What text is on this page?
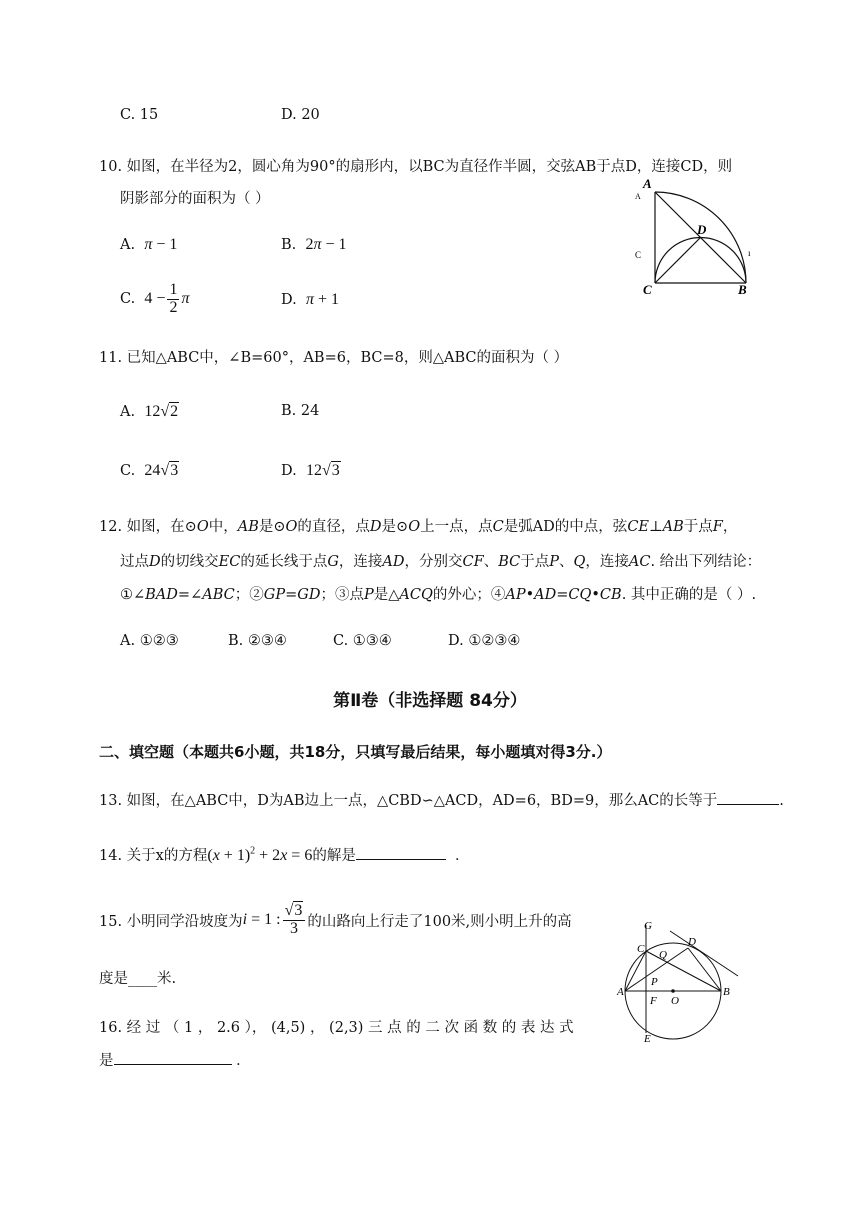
C. 15	D. 20
10. 如图，在半径为2，圆心角为90°的扇形内，以BC为直径作半圆，交弦AB于点D，连接CD，则
阴影部分的面积为（ ）
A. π − 1	B. 2π − 1
C. $4 - \frac{1}{2}$ π	D. π + 1
A
D
C	B
A
C	ı
11. 已知△ABC中，∠B=60°，AB=6，BC=8，则△ABC的面积为（ ）
A. 12√2	B. 24
C. 24√3	D. 12√3
12. 如图，在⊙O中，AB是⊙O的直径，点D是⊙O上一点，点C是弧AD的中点，弦CE⊥AB于点F，
过点D的切线交EC的延长线于点G，连接AD，分别交CF、BC于点P、Q，连接AC. 给出下列结论：
①∠BAD=∠ABC；②GP=GD；③点P是△ACQ的外心；④AP•AD=CQ•CB. 其中正确的是（ ）.
A. ①②③	B. ②③④	C. ①③④	D. ①②③④
第Ⅱ卷（非选择题 84分）
二、填空题（本题共6小题，共18分，只填写最后结果，每小题填对得3分.）
13. 如图，在△ABC中，D为AB边上一点，△CBD∽△ACD，AD=6，BD=9，那么AC的长等于	.
14. 关于x的方程$(x + 1)^2 + 2x = 6$的解是	．
15. 小明同学沿坡度为i = 1 : $\frac{√3}{3}$ 的山路向上行走了100米,则小明上升的高
度是____米.
16. 经 过 （ 1 ， 2.6 ）， (4,5) ， (2,3) 三 点 的 二 次 函 数 的 表 达 式
是	．
G
C
D
Q
P
A
F O
B
E
